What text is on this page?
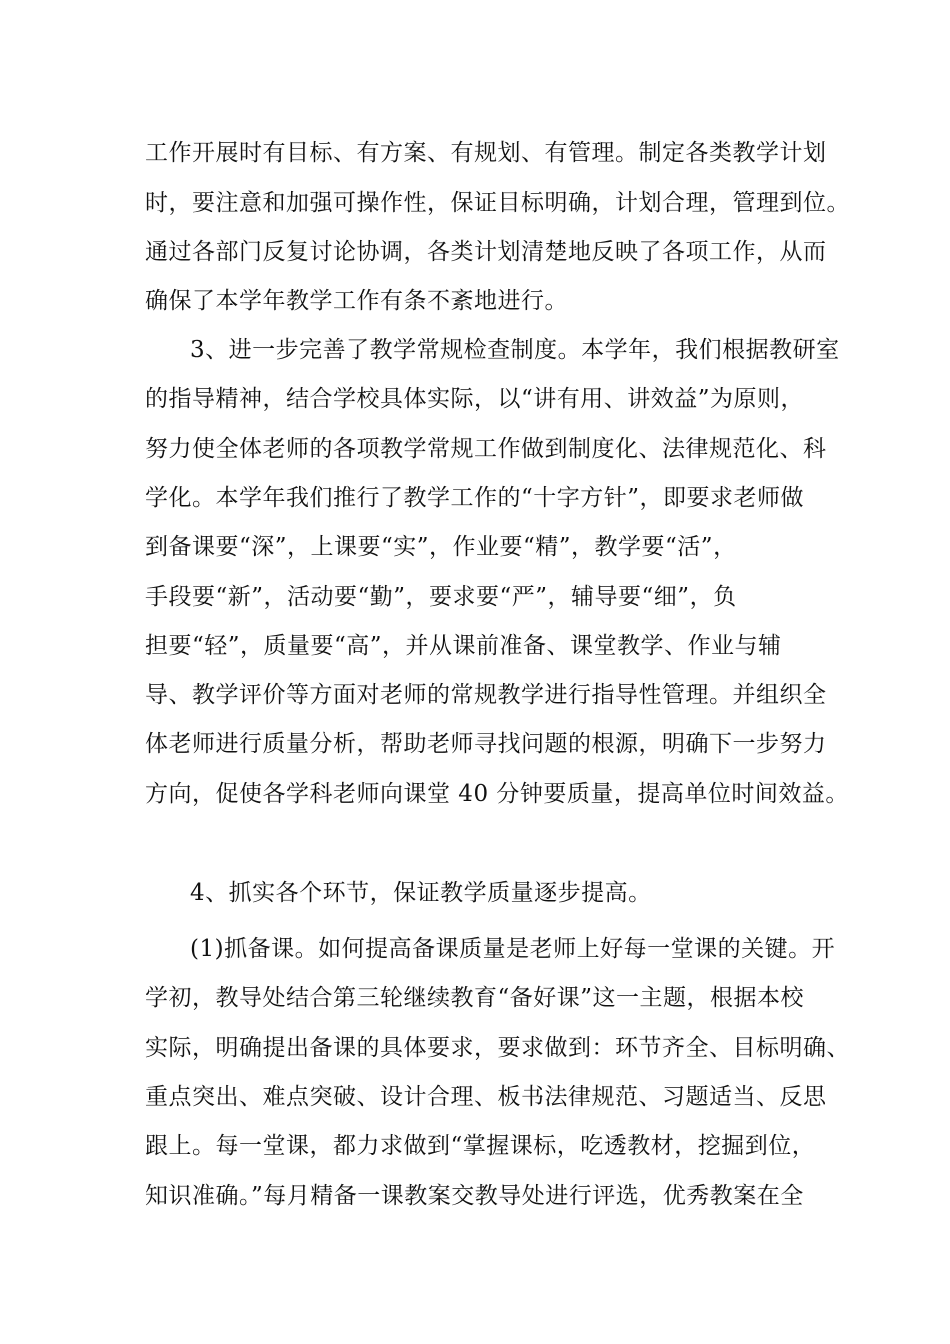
工作开展时有目标、有方案、有规划、有管理。制定各类教学计划
时，要注意和加强可操作性，保证目标明确，计划合理，管理到位。
通过各部门反复讨论协调，各类计划清楚地反映了各项工作，从而
确保了本学年教学工作有条不紊地进行。
3、进一步完善了教学常规检查制度。本学年，我们根据教研室
的指导精神，结合学校具体实际，以“讲有用、讲效益”为原则，
努力使全体老师的各项教学常规工作做到制度化、法律规范化、科
学化。本学年我们推行了教学工作的“十字方针”，即要求老师做
到备课要“深”，上课要“实”，作业要“精”，教学要“活”，
手段要“新”，活动要“勤”，要求要“严”，辅导要“细”，负
担要“轻”，质量要“高”，并从课前准备、课堂教学、作业与辅
导、教学评价等方面对老师的常规教学进行指导性管理。并组织全
体老师进行质量分析，帮助老师寻找问题的根源，明确下一步努力
方向，促使各学科老师向课堂 40 分钟要质量，提高单位时间效益。
4、抓实各个环节，保证教学质量逐步提高。
(1)抓备课。如何提高备课质量是老师上好每一堂课的关键。开
学初，教导处结合第三轮继续教育“备好课”这一主题，根据本校
实际，明确提出备课的具体要求，要求做到：环节齐全、目标明确、
重点突出、难点突破、设计合理、板书法律规范、习题适当、反思
跟上。每一堂课，都力求做到“掌握课标，吃透教材，挖掘到位，
知识准确。”每月精备一课教案交教导处进行评选，优秀教案在全
